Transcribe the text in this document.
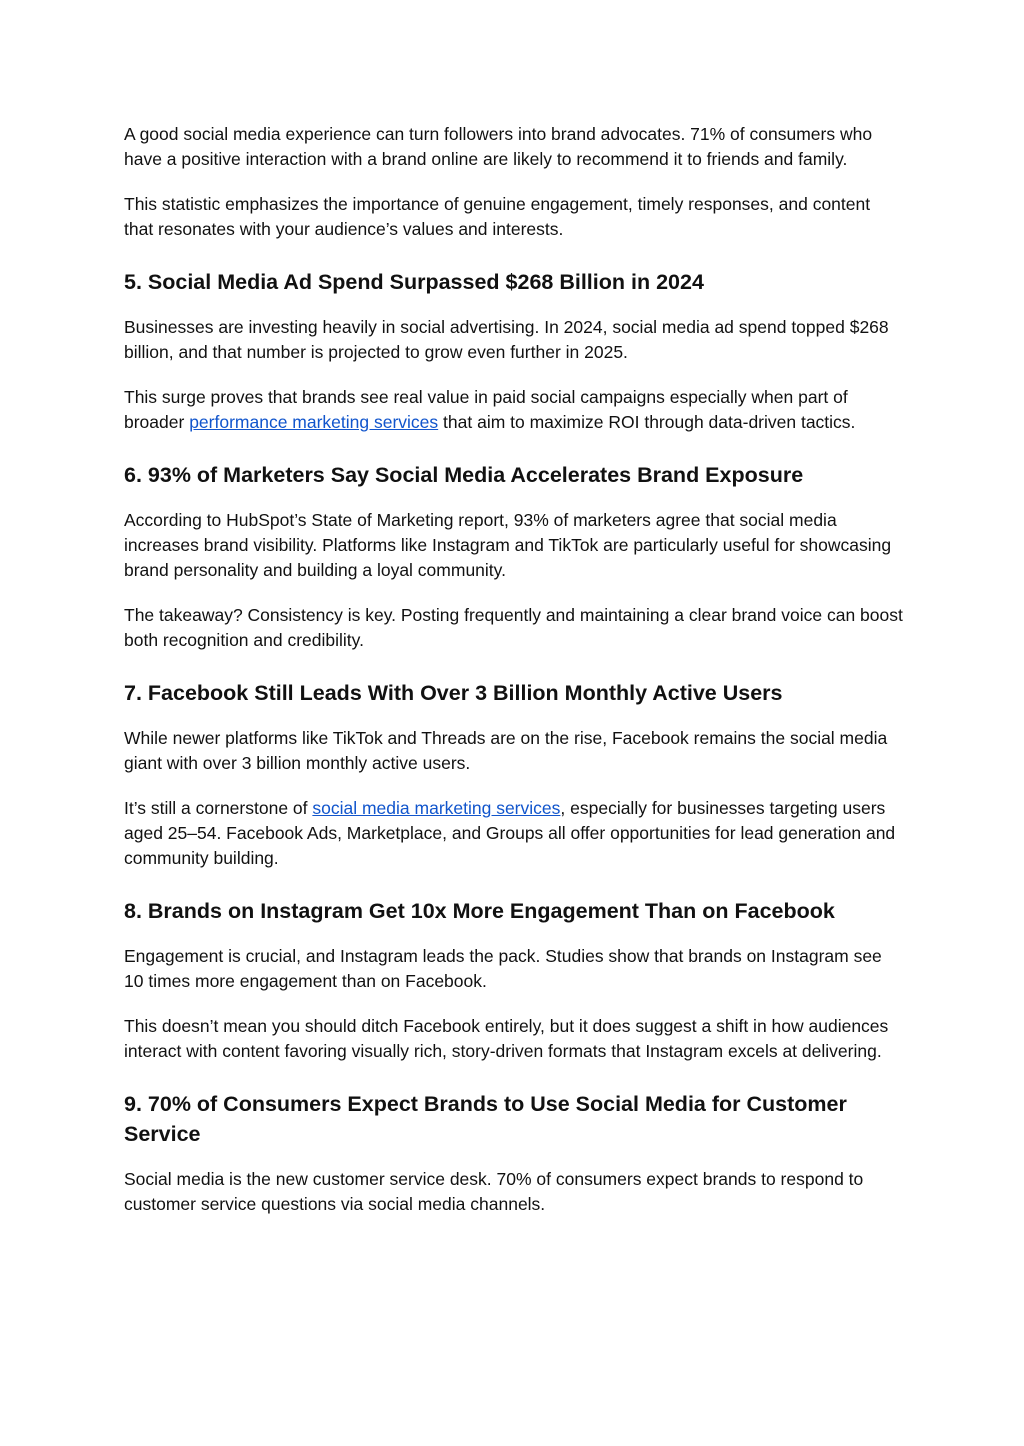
A good social media experience can turn followers into brand advocates. 71% of consumers who have a positive interaction with a brand online are likely to recommend it to friends and family.

This statistic emphasizes the importance of genuine engagement, timely responses, and content that resonates with your audience’s values and interests.

5. Social Media Ad Spend Surpassed $268 Billion in 2024

Businesses are investing heavily in social advertising. In 2024, social media ad spend topped $268 billion, and that number is projected to grow even further in 2025.

This surge proves that brands see real value in paid social campaigns especially when part of broader performance marketing services that aim to maximize ROI through data-driven tactics.

6. 93% of Marketers Say Social Media Accelerates Brand Exposure

According to HubSpot’s State of Marketing report, 93% of marketers agree that social media increases brand visibility. Platforms like Instagram and TikTok are particularly useful for showcasing brand personality and building a loyal community.

The takeaway? Consistency is key. Posting frequently and maintaining a clear brand voice can boost both recognition and credibility.

7. Facebook Still Leads With Over 3 Billion Monthly Active Users

While newer platforms like TikTok and Threads are on the rise, Facebook remains the social media giant with over 3 billion monthly active users.

It’s still a cornerstone of social media marketing services, especially for businesses targeting users aged 25–54. Facebook Ads, Marketplace, and Groups all offer opportunities for lead generation and community building.

8. Brands on Instagram Get 10x More Engagement Than on Facebook

Engagement is crucial, and Instagram leads the pack. Studies show that brands on Instagram see 10 times more engagement than on Facebook.

This doesn’t mean you should ditch Facebook entirely, but it does suggest a shift in how audiences interact with content favoring visually rich, story-driven formats that Instagram excels at delivering.

9. 70% of Consumers Expect Brands to Use Social Media for Customer Service

Social media is the new customer service desk. 70% of consumers expect brands to respond to customer service questions via social media channels.
